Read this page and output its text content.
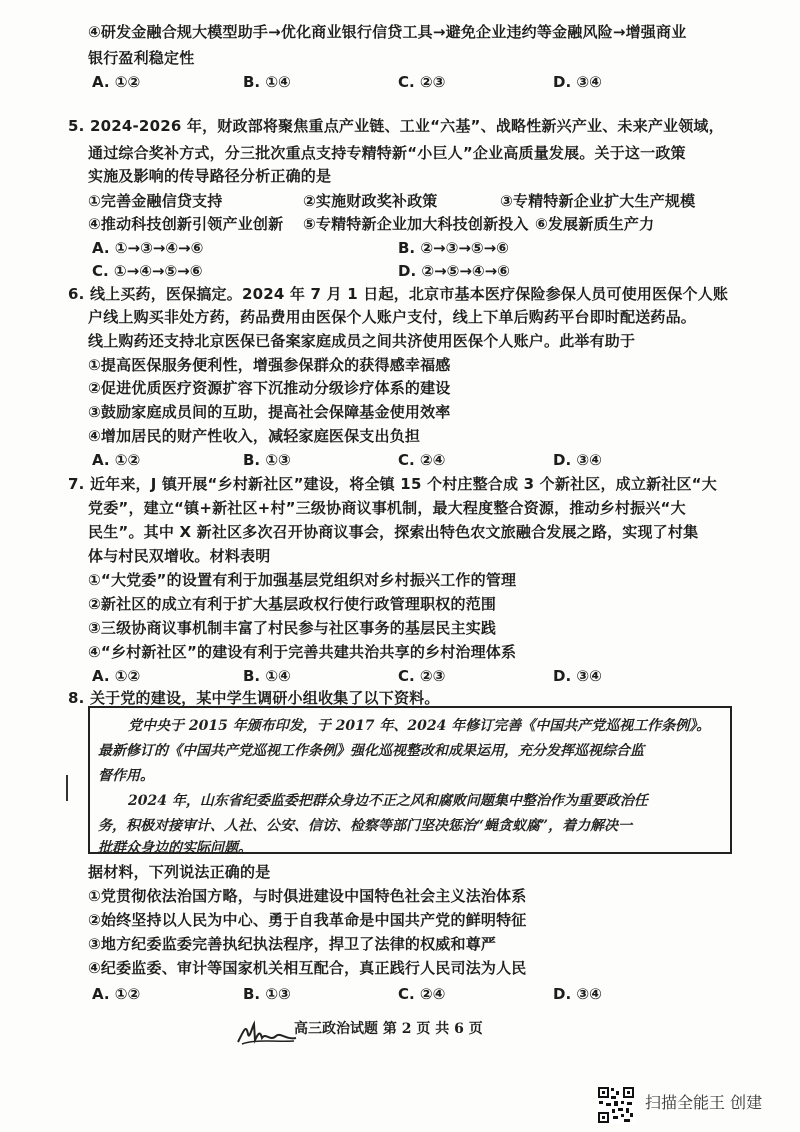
④研发金融合规大模型助手→优化商业银行信贷工具→避免企业违约等金融风险→增强商业
银行盈利稳定性
A. ①②	B. ①④	C. ②③	D. ③④
5. 2024-2026 年，财政部将聚焦重点产业链、工业“六基”、战略性新兴产业、未来产业领域，
通过综合奖补方式，分三批次重点支持专精特新“小巨人”企业高质量发展。关于这一政策
实施及影响的传导路径分析正确的是
①完善金融信贷支持	②实施财政奖补政策	③专精特新企业扩大生产规模
④推动科技创新引领产业创新 ⑤专精特新企业加大科技创新投入 ⑥发展新质生产力
A. ①→③→④→⑥	B. ②→③→⑤→⑥
C. ①→④→⑤→⑥	D. ②→⑤→④→⑥
6. 线上买药，医保搞定。2024 年 7 月 1 日起，北京市基本医疗保险参保人员可使用医保个人账
户线上购买非处方药，药品费用由医保个人账户支付，线上下单后购药平台即时配送药品。
线上购药还支持北京医保已备案家庭成员之间共济使用医保个人账户。此举有助于
①提高医保服务便利性，增强参保群众的获得感幸福感
②促进优质医疗资源扩容下沉推动分级诊疗体系的建设
③鼓励家庭成员间的互助，提高社会保障基金使用效率
④增加居民的财产性收入，减轻家庭医保支出负担
A. ①②	B. ①③	C. ②④	D. ③④
7. 近年来，J 镇开展“乡村新社区”建设，将全镇 15 个村庄整合成 3 个新社区，成立新社区“大
党委”，建立“镇+新社区+村”三级协商议事机制，最大程度整合资源，推动乡村振兴“大
民生”。其中 X 新社区多次召开协商议事会，探索出特色农文旅融合发展之路，实现了村集
体与村民双增收。材料表明
①“大党委”的设置有利于加强基层党组织对乡村振兴工作的管理
②新社区的成立有利于扩大基层政权行使行政管理职权的范围
③三级协商议事机制丰富了村民参与社区事务的基层民主实践
④“乡村新社区”的建设有利于完善共建共治共享的乡村治理体系
A. ①②	B. ①④	C. ②③	D. ③④
8. 关于党的建设，某中学生调研小组收集了以下资料。
党中央于 2015 年颁布印发，于 2017 年、2024 年修订完善《中国共产党巡视工作条例》。
最新修订的《中国共产党巡视工作条例》强化巡视整改和成果运用，充分发挥巡视综合监
督作用。
2024 年，山东省纪委监委把群众身边不正之风和腐败问题集中整治作为重要政治任
务，积极对接审计、人社、公安、信访、检察等部门坚决惩治“蝇贪蚁腐”，着力解决一
批群众身边的实际问题。
据材料，下列说法正确的是
①党贯彻依法治国方略，与时俱进建设中国特色社会主义法治体系
②始终坚持以人民为中心、勇于自我革命是中国共产党的鲜明特征
③地方纪委监委完善执纪执法程序，捍卫了法律的权威和尊严
④纪委监委、审计等国家机关相互配合，真正践行人民司法为人民
A. ①②	B. ①③	C. ②④	D. ③④
高三政治试题 第 2 页 共 6 页
扫描全能王 创建
